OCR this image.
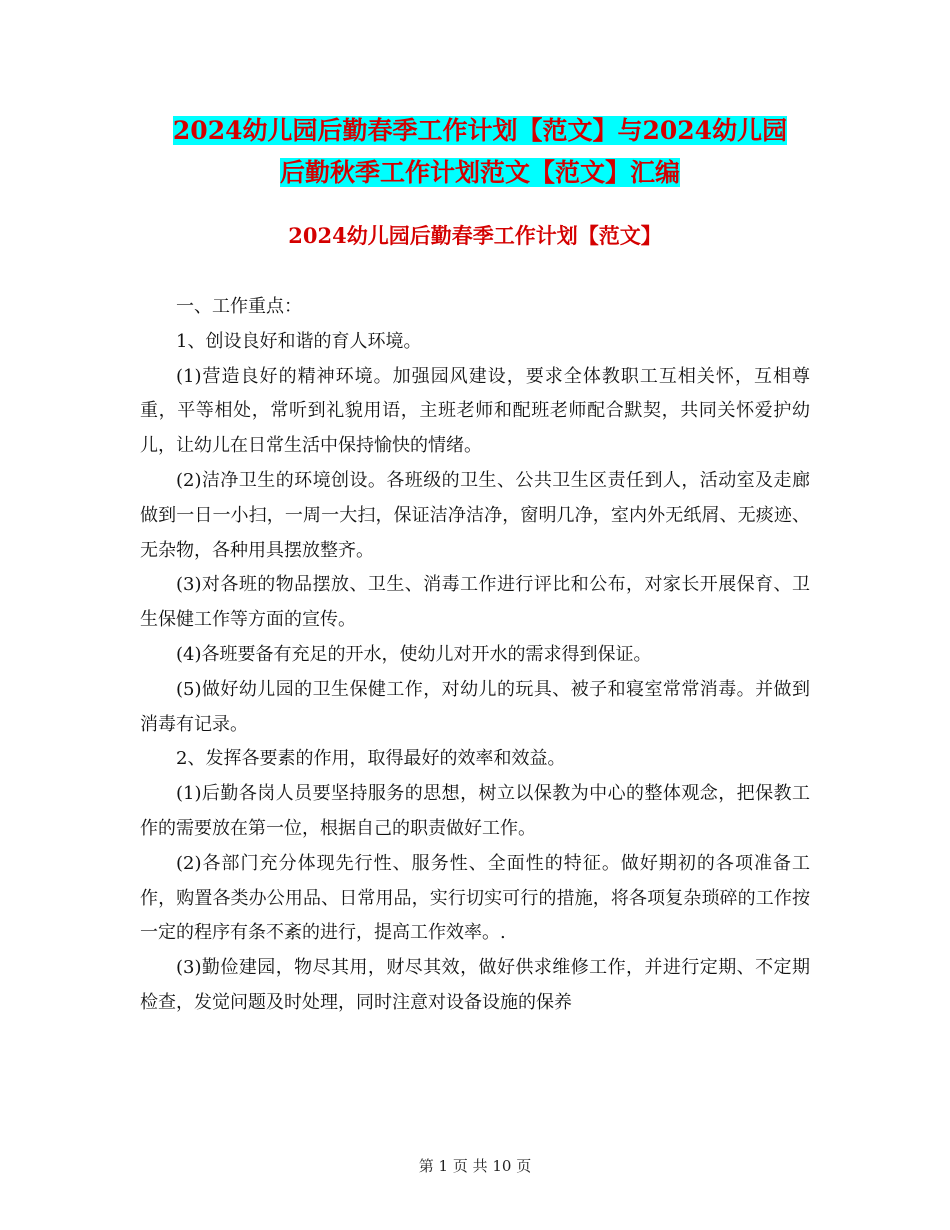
2024幼儿园后勤春季工作计划【范文】与2024幼儿园
后勤秋季工作计划范文【范文】汇编
2024幼儿园后勤春季工作计划【范文】

一、工作重点：

1、创设良好和谐的育人环境。

(1)营造良好的精神环境。加强园风建设，要求全体教职工互相关怀，互相尊重，平等相处，常听到礼貌用语，主班老师和配班老师配合默契，共同关怀爱护幼儿，让幼儿在日常生活中保持愉快的情绪。

(2)洁净卫生的环境创设。各班级的卫生、公共卫生区责任到人，活动室及走廊做到一日一小扫，一周一大扫，保证洁净洁净，窗明几净，室内外无纸屑、无痰迹、无杂物，各种用具摆放整齐。

(3)对各班的物品摆放、卫生、消毒工作进行评比和公布，对家长开展保育、卫生保健工作等方面的宣传。

(4)各班要备有充足的开水，使幼儿对开水的需求得到保证。

(5)做好幼儿园的卫生保健工作，对幼儿的玩具、被子和寝室常常消毒。并做到消毒有记录。

2、发挥各要素的作用，取得最好的效率和效益。

(1)后勤各岗人员要坚持服务的思想，树立以保教为中心的整体观念，把保教工作的需要放在第一位，根据自己的职责做好工作。

(2)各部门充分体现先行性、服务性、全面性的特征。做好期初的各项准备工作，购置各类办公用品、日常用品，实行切实可行的措施，将各项复杂琐碎的工作按一定的程序有条不紊的进行，提高工作效率。.

(3)勤俭建园，物尽其用，财尽其效，做好供求维修工作，并进行定期、不定期检查，发觉问题及时处理，同时注意对设备设施的保养

第 1 页 共 10 页
